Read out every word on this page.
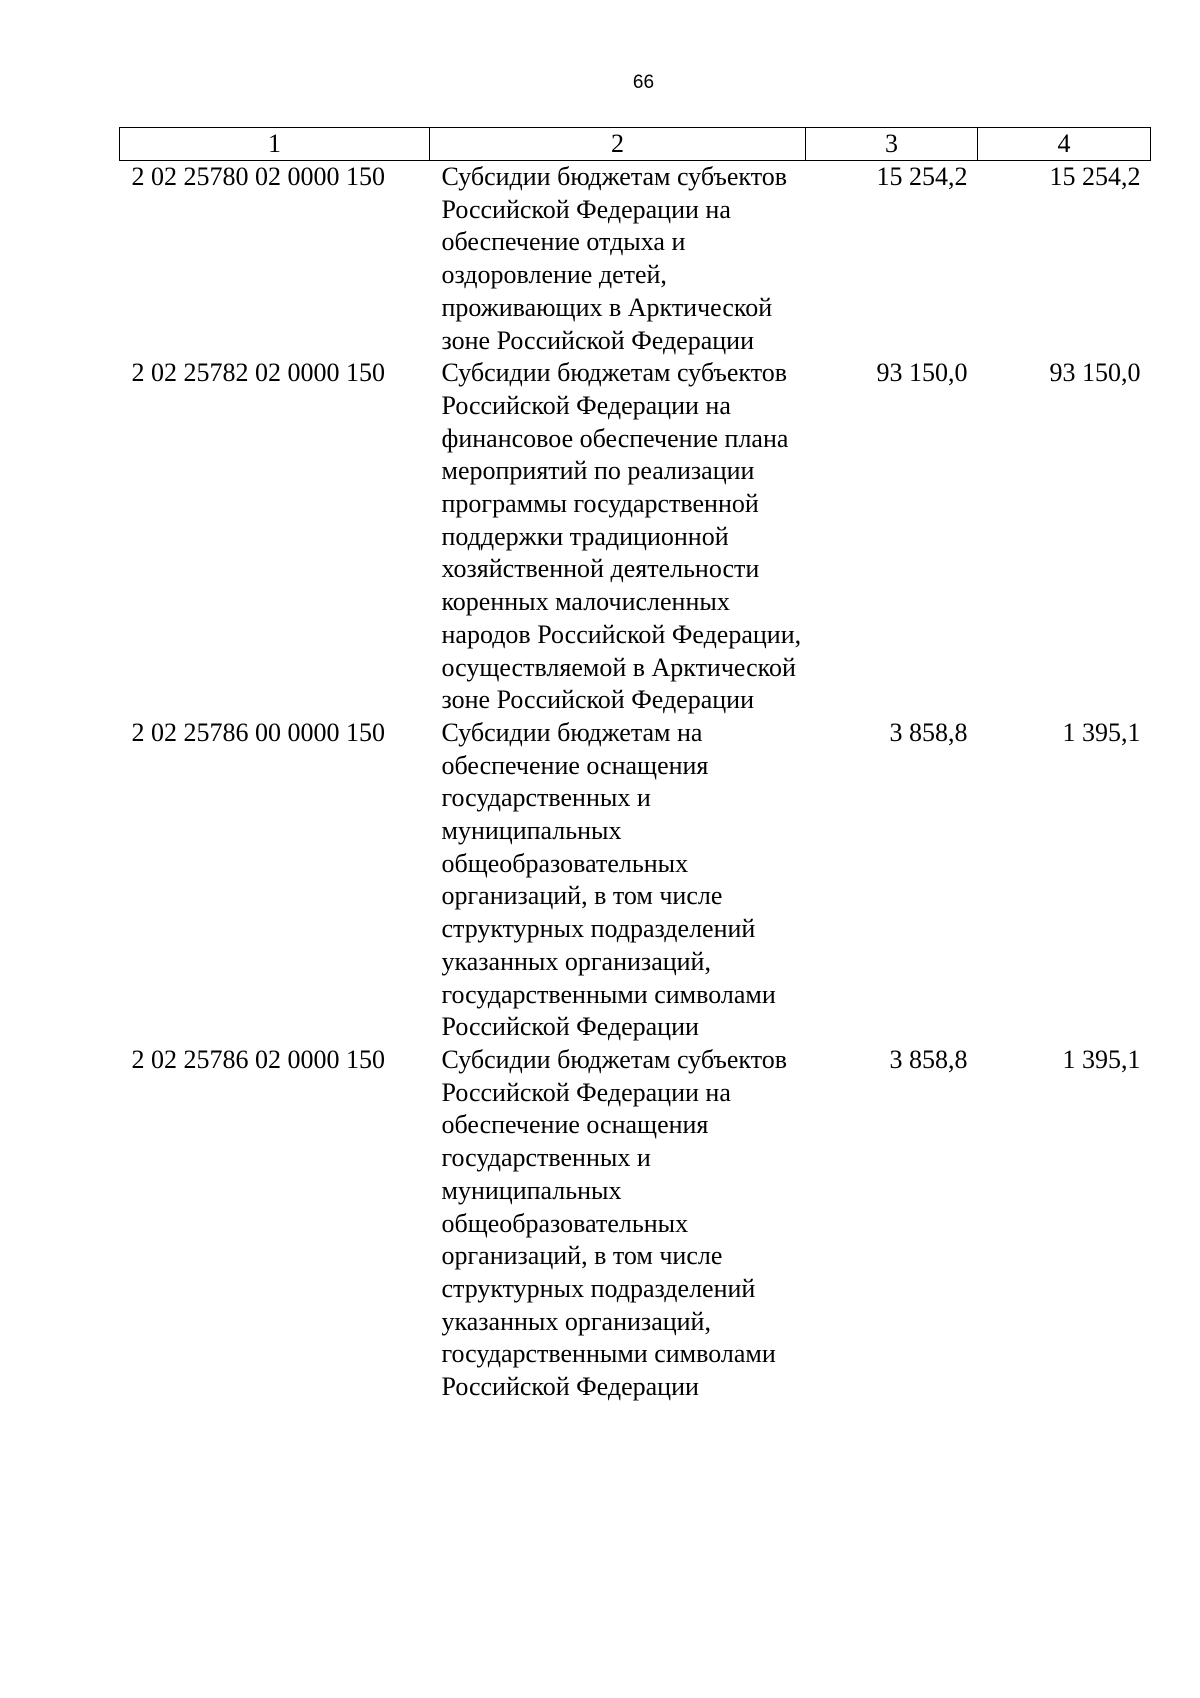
66
1	2	3	4
2 02 25780 02 0000 150	Субсидии бюджетам субъектов Российской Федерации на обеспечение отдыха и оздоровление детей, проживающих в Арктической зоне Российской Федерации	15 254,2	15 254,2
2 02 25782 02 0000 150	Субсидии бюджетам субъектов Российской Федерации на финансовое обеспечение плана мероприятий по реализации программы государственной поддержки традиционной хозяйственной деятельности коренных малочисленных народов Российской Федерации, осуществляемой в Арктической зоне Российской Федерации	93 150,0	93 150,0
2 02 25786 00 0000 150	Субсидии бюджетам на обеспечение оснащения государственных и муниципальных общеобразовательных организаций, в том числе структурных подразделений указанных организаций, государственными символами Российской Федерации	3 858,8	1 395,1
2 02 25786 02 0000 150	Субсидии бюджетам субъектов Российской Федерации на обеспечение оснащения государственных и муниципальных общеобразовательных организаций, в том числе структурных подразделений указанных организаций, государственными символами Российской Федерации	3 858,8	1 395,1
